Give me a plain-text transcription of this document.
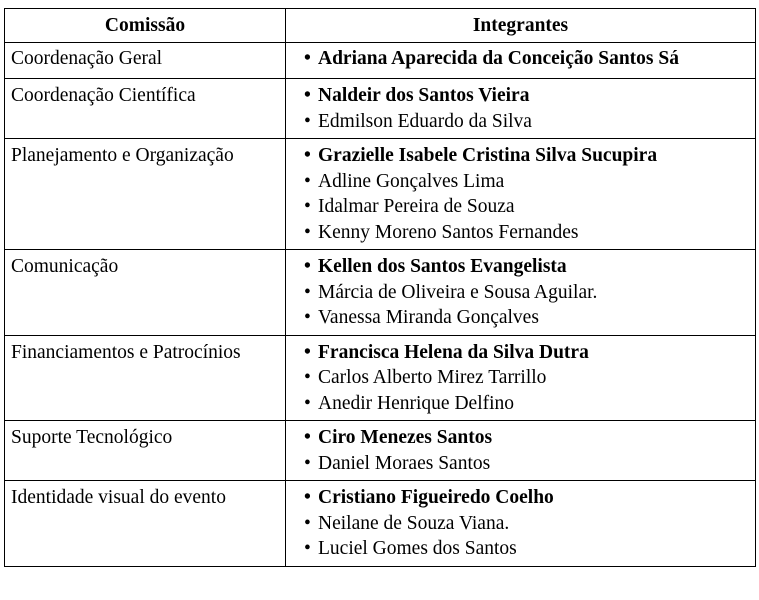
Comissão	Integrantes
Coordenação Geral	• Adriana Aparecida da Conceição Santos Sá

Coordenação Científica	• Naldeir dos Santos Vieira
• Edmilson Eduardo da Silva

Planejamento e Organização	• Grazielle Isabele Cristina Silva Sucupira
• Adline Gonçalves Lima
• Idalmar Pereira de Souza
• Kenny Moreno Santos Fernandes

Comunicação	• Kellen dos Santos Evangelista
• Márcia de Oliveira e Sousa Aguilar.
• Vanessa Miranda Gonçalves

Financiamentos e Patrocínios	• Francisca Helena da Silva Dutra
• Carlos Alberto Mirez Tarrillo
• Anedir Henrique Delfino

Suporte Tecnológico	• Ciro Menezes Santos
• Daniel Moraes Santos

Identidade visual do evento	• Cristiano Figueiredo Coelho
• Neilane de Souza Viana.
• Luciel Gomes dos Santos
